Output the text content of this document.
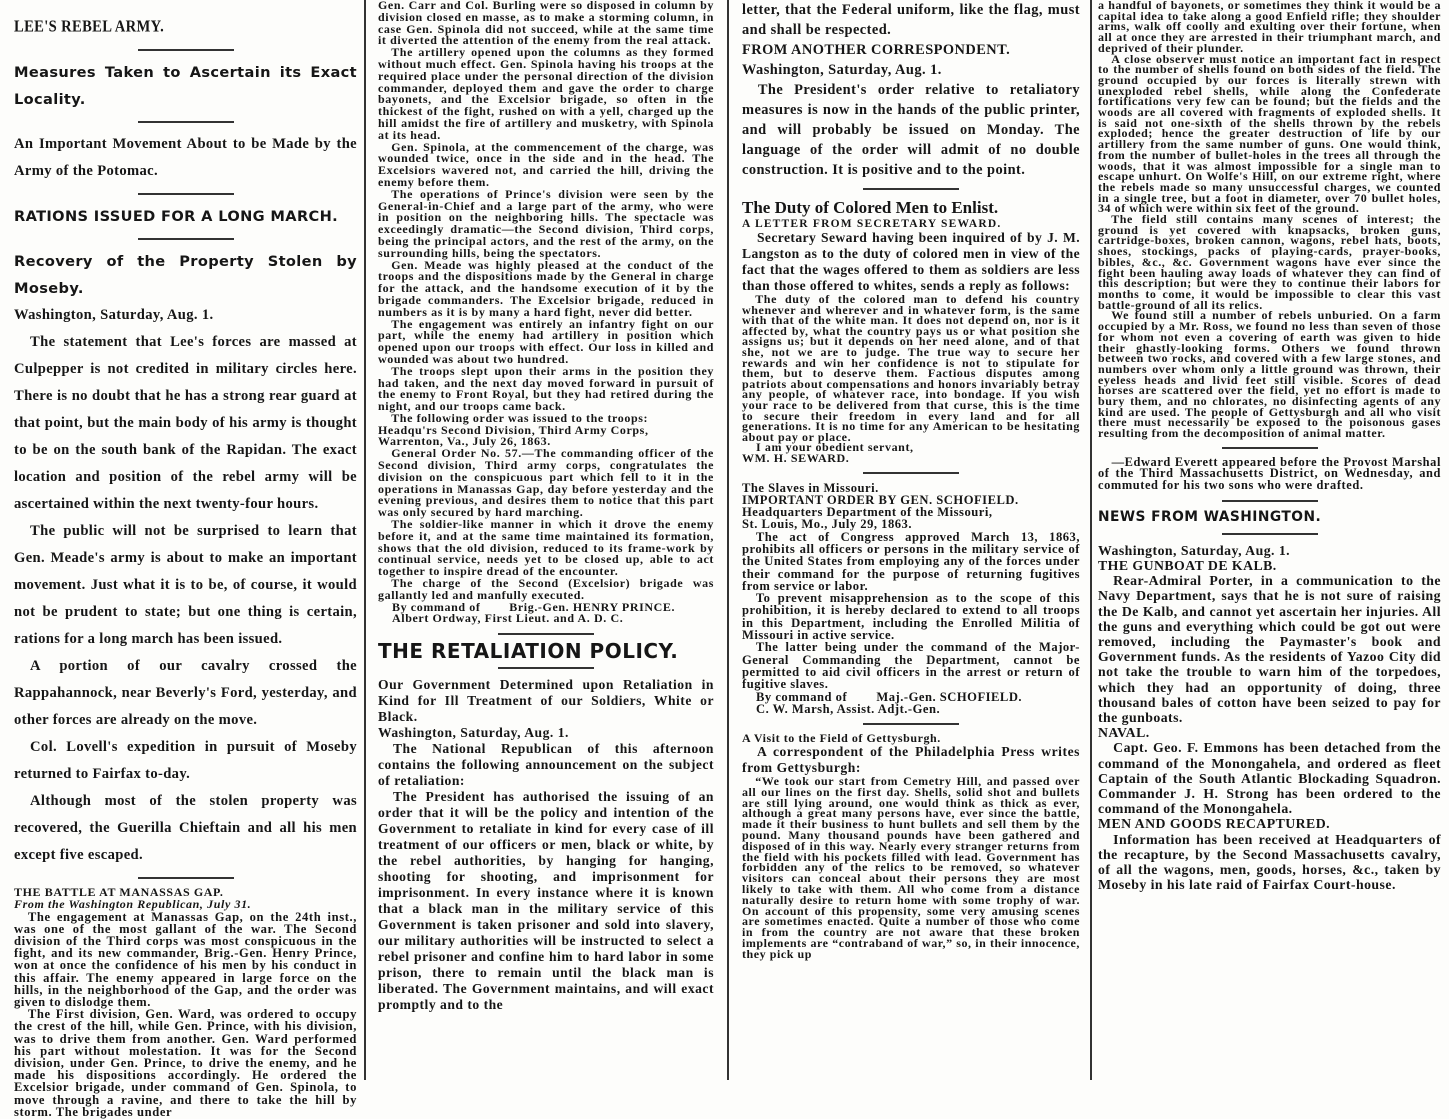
LEE'S REBEL ARMY.

Measures Taken to Ascertain its Exact Locality.

An Important Movement About to be Made by the Army of the Potomac.

RATIONS ISSUED FOR A LONG MARCH.

Recovery of the Property Stolen by Moseby.

Washington, Saturday, Aug. 1.

The statement that Lee's forces are massed at Culpepper is not credited in military circles here. There is no doubt that he has a strong rear guard at that point, but the main body of his army is thought to be on the south bank of the Rapidan. The exact location and position of the rebel army will be ascertained within the next twenty-four hours.

The public will not be surprised to learn that Gen. Meade's army is about to make an important movement. Just what it is to be, of course, it would not be prudent to state; but one thing is certain, rations for a long march has been issued.

A portion of our cavalry crossed the Rappahannock, near Beverly's Ford, yesterday, and other forces are already on the move.

Col. Lovell's expedition in pursuit of Moseby returned to Fairfax to-day.

Although most of the stolen property was recovered, the Guerilla Chieftain and all his men except five escaped.

THE BATTLE AT MANASSAS GAP.

From the Washington Republican, July 31.

The engagement at Manassas Gap, on the 24th inst., was one of the most gallant of the war. The Second division of the Third corps was most conspicuous in the fight, and its new commander, Brig.-Gen. Henry Prince, won at once the confidence of his men by his conduct in this affair. The enemy appeared in large force on the hills, in the neighborhood of the Gap, and the order was given to dislodge them.

The First division, Gen. Ward, was ordered to occupy the crest of the hill, while Gen. Prince, with his division, was to drive them from another. Gen. Ward performed his part without molestation. It was for the Second division, under Gen. Prince, to drive the enemy, and he made his dispositions accordingly. He ordered the Excelsior brigade, under command of Gen. Spinola, to move through a ravine, and there to take the hill by storm. The brigades under

Gen. Carr and Col. Burling were so disposed in column by division closed en masse, as to make a storming column, in case Gen. Spinola did not succeed, while at the same time it diverted the attention of the enemy from the real attack.

The artillery opened upon the columns as they formed without much effect. Gen. Spinola having his troops at the required place under the personal direction of the division commander, deployed them and gave the order to charge bayonets, and the Excelsior brigade, so often in the thickest of the fight, rushed on with a yell, charged up the hill amidst the fire of artillery and musketry, with Spinola at its head.

Gen. Spinola, at the commencement of the charge, was wounded twice, once in the side and in the head. The Excelsiors wavered not, and carried the hill, driving the enemy before them.

The operations of Prince's division were seen by the General-in-Chief and a large part of the army, who were in position on the neighboring hills. The spectacle was exceedingly dramatic—the Second division, Third corps, being the principal actors, and the rest of the army, on the surrounding hills, being the spectators.

Gen. Meade was highly pleased at the conduct of the troops and the dispositions made by the General in charge for the attack, and the handsome execution of it by the brigade commanders. The Excelsior brigade, reduced in numbers as it is by many a hard fight, never did better.

The engagement was entirely an infantry fight on our part, while the enemy had artillery in position which opened upon our troops with effect. Our loss in killed and wounded was about two hundred.

The troops slept upon their arms in the position they had taken, and the next day moved forward in pursuit of the enemy to Front Royal, but they had retired during the night, and our troops came back.

The following order was issued to the troops:

Headqu'rs Second Division, Third Army Corps,

Warrenton, Va., July 26, 1863.

General Order No. 57.—The commanding officer of the Second division, Third army corps, congratulates the division on the conspicuous part which fell to it in the operations in Manassas Gap, day before yesterday and the evening previous, and desires them to notice that this part was only secured by hard marching.

The soldier-like manner in which it drove the enemy before it, and at the same time maintained its formation, shows that the old division, reduced to its frame-work by continual service, needs yet to be closed up, able to act together to inspire dread of the encounter.

The charge of the Second (Excelsior) brigade was gallantly led and manfully executed.

By command of        Brig.-Gen. HENRY PRINCE.

Albert Ordway, First Lieut. and A. D. C.

THE RETALIATION POLICY.

Our Government Determined upon Retaliation in Kind for Ill Treatment of our Soldiers, White or Black.

Washington, Saturday, Aug. 1.

The National Republican of this afternoon contains the following announcement on the subject of retaliation:

The President has authorised the issuing of an order that it will be the policy and intention of the Government to retaliate in kind for every case of ill treatment of our officers or men, black or white, by the rebel authorities, by hanging for hanging, shooting for shooting, and imprisonment for imprisonment. In every instance where it is known that a black man in the military service of this Government is taken prisoner and sold into slavery, our military authorities will be instructed to select a rebel prisoner and confine him to hard labor in some prison, there to remain until the black man is liberated. The Government maintains, and will exact promptly and to the

letter, that the Federal uniform, like the flag, must and shall be respected.

FROM ANOTHER CORRESPONDENT.

Washington, Saturday, Aug. 1.

The President's order relative to retaliatory measures is now in the hands of the public printer, and will probably be issued on Monday. The language of the order will admit of no double construction. It is positive and to the point.

The Duty of Colored Men to Enlist.

A LETTER FROM SECRETARY SEWARD.

Secretary Seward having been inquired of by J. M. Langston as to the duty of colored men in view of the fact that the wages offered to them as soldiers are less than those offered to whites, sends a reply as follows:

The duty of the colored man to defend his country whenever and wherever and in whatever form, is the same with that of the white man. It does not depend on, nor is it affected by, what the country pays us or what position she assigns us; but it depends on her need alone, and of that she, not we are to judge. The true way to secure her rewards and win her confidence is not to stipulate for them, but to deserve them. Factious disputes among patriots about compensations and honors invariably betray any people, of whatever race, into bondage. If you wish your race to be delivered from that curse, this is the time to secure their freedom in every land and for all generations. It is no time for any American to be hesitating about pay or place.

I am your obedient servant,

WM. H. SEWARD.

The Slaves in Missouri.

IMPORTANT ORDER BY GEN. SCHOFIELD.

Headquarters Department of the Missouri,

St. Louis, Mo., July 29, 1863.

The act of Congress approved March 13, 1863, prohibits all officers or persons in the military service of the United States from employing any of the forces under their command for the purpose of returning fugitives from service or labor.

To prevent misapprehension as to the scope of this prohibition, it is hereby declared to extend to all troops in this Department, including the Enrolled Militia of Missouri in active service.

The latter being under the command of the Major-General Commanding the Department, cannot be permitted to aid civil officers in the arrest or return of fugitive slaves.

By command of        Maj.-Gen. SCHOFIELD.

C. W. Marsh, Assist. Adjt.-Gen.

A Visit to the Field of Gettysburgh.

A correspondent of the Philadelphia Press writes from Gettysburgh:

“We took our start from Cemetry Hill, and passed over all our lines on the first day. Shells, solid shot and bullets are still lying around, one would think as thick as ever, although a great many persons have, ever since the battle, made it their business to hunt bullets and sell them by the pound. Many thousand pounds have been gathered and disposed of in this way. Nearly every stranger returns from the field with his pockets filled with lead. Government has forbidden any of the relics to be removed, so whatever visitors can conceal about their persons they are most likely to take with them. All who come from a distance naturally desire to return home with some trophy of war. On account of this propensity, some very amusing scenes are sometimes enacted. Quite a number of those who come in from the country are not aware that these broken implements are “contraband of war,” so, in their innocence, they pick up

a handful of bayonets, or sometimes they think it would be a capital idea to take along a good Enfield rifle; they shoulder arms, walk off coolly and exulting over their fortune, when all at once they are arrested in their triumphant march, and deprived of their plunder.

A close observer must notice an important fact in respect to the number of shells found on both sides of the field. The ground occupied by our forces is literally strewn with unexploded rebel shells, while along the Confederate fortifications very few can be found; but the fields and the woods are all covered with fragments of exploded shells. It is said not one-sixth of the shells thrown by the rebels exploded; hence the greater destruction of life by our artillery from the same number of guns. One would think, from the number of bullet-holes in the trees all through the woods, that it was almost impossible for a single man to escape unhurt. On Wolfe's Hill, on our extreme right, where the rebels made so many unsuccessful charges, we counted in a single tree, but a foot in diameter, over 70 bullet holes, 34 of which were within six feet of the ground.

The field still contains many scenes of interest; the ground is yet covered with knapsacks, broken guns, cartridge-boxes, broken cannon, wagons, rebel hats, boots, shoes, stockings, packs of playing-cards, prayer-books, bibles, &c., &c. Government wagons have ever since the fight been hauling away loads of whatever they can find of this description; but were they to continue their labors for months to come, it would be impossible to clear this vast battle-ground of all its relics.

We found still a number of rebels unburied. On a farm occupied by a Mr. Ross, we found no less than seven of those for whom not even a covering of earth was given to hide their ghastly-looking forms. Others we found thrown between two rocks, and covered with a few large stones, and numbers over whom only a little ground was thrown, their eyeless heads and livid feet still visible. Scores of dead horses are scattered over the field, yet no effort is made to bury them, and no chlorates, no disinfecting agents of any kind are used. The people of Gettysburgh and all who visit there must necessarily be exposed to the poisonous gases resulting from the decomposition of animal matter.

—Edward Everett appeared before the Provost Marshal of the Third Massachusetts District, on Wednesday, and commuted for his two sons who were drafted.

NEWS FROM WASHINGTON.

Washington, Saturday, Aug. 1.

THE GUNBOAT DE KALB.

Rear-Admiral Porter, in a communication to the Navy Department, says that he is not sure of raising the De Kalb, and cannot yet ascertain her injuries. All the guns and everything which could be got out were removed, including the Paymaster's book and Government funds. As the residents of Yazoo City did not take the trouble to warn him of the torpedoes, which they had an opportunity of doing, three thousand bales of cotton have been seized to pay for the gunboats.

NAVAL.

Capt. Geo. F. Emmons has been detached from the command of the Monongahela, and ordered as fleet Captain of the South Atlantic Blockading Squadron. Commander J. H. Strong has been ordered to the command of the Monongahela.

MEN AND GOODS RECAPTURED.

Information has been received at Headquarters of the recapture, by the Second Massachusetts cavalry, of all the wagons, men, goods, horses, &c., taken by Moseby in his late raid of Fairfax Court-house.
